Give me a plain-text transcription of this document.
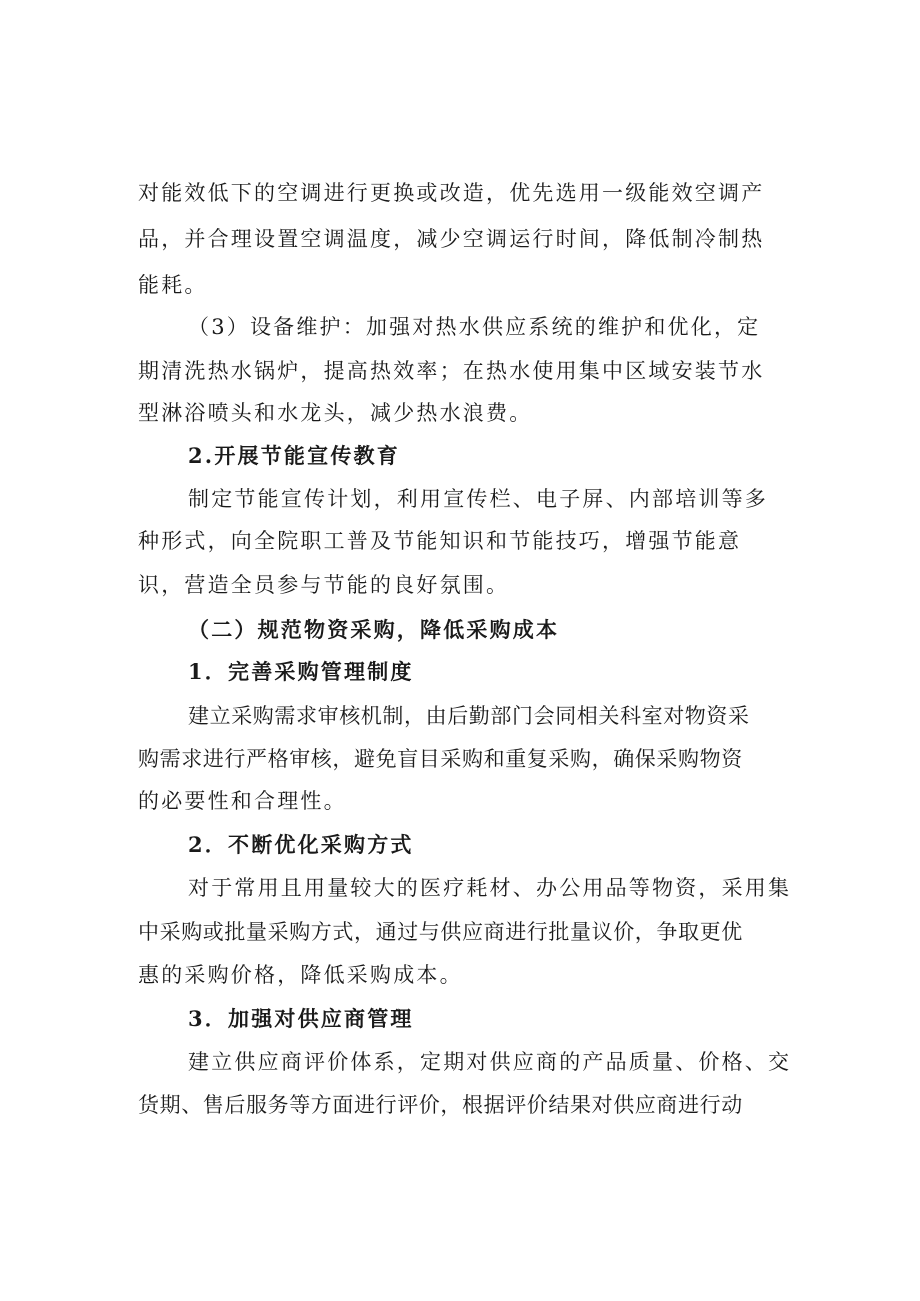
对能效低下的空调进行更换或改造，优先选用一级能效空调产
品，并合理设置空调温度，减少空调运行时间，降低制冷制热
能耗。
（3）设备维护：加强对热水供应系统的维护和优化，定
期清洗热水锅炉，提高热效率；在热水使用集中区域安装节水
型淋浴喷头和水龙头，减少热水浪费。
2.开展节能宣传教育
制定节能宣传计划，利用宣传栏、电子屏、内部培训等多
种形式，向全院职工普及节能知识和节能技巧，增强节能意
识，营造全员参与节能的良好氛围。
（二）规范物资采购，降低采购成本
1．完善采购管理制度
建立采购需求审核机制，由后勤部门会同相关科室对物资采
购需求进行严格审核，避免盲目采购和重复采购，确保采购物资
的必要性和合理性。
2．不断优化采购方式
对于常用且用量较大的医疗耗材、办公用品等物资，采用集
中采购或批量采购方式，通过与供应商进行批量议价，争取更优
惠的采购价格，降低采购成本。
3．加强对供应商管理
建立供应商评价体系，定期对供应商的产品质量、价格、交
货期、售后服务等方面进行评价，根据评价结果对供应商进行动
